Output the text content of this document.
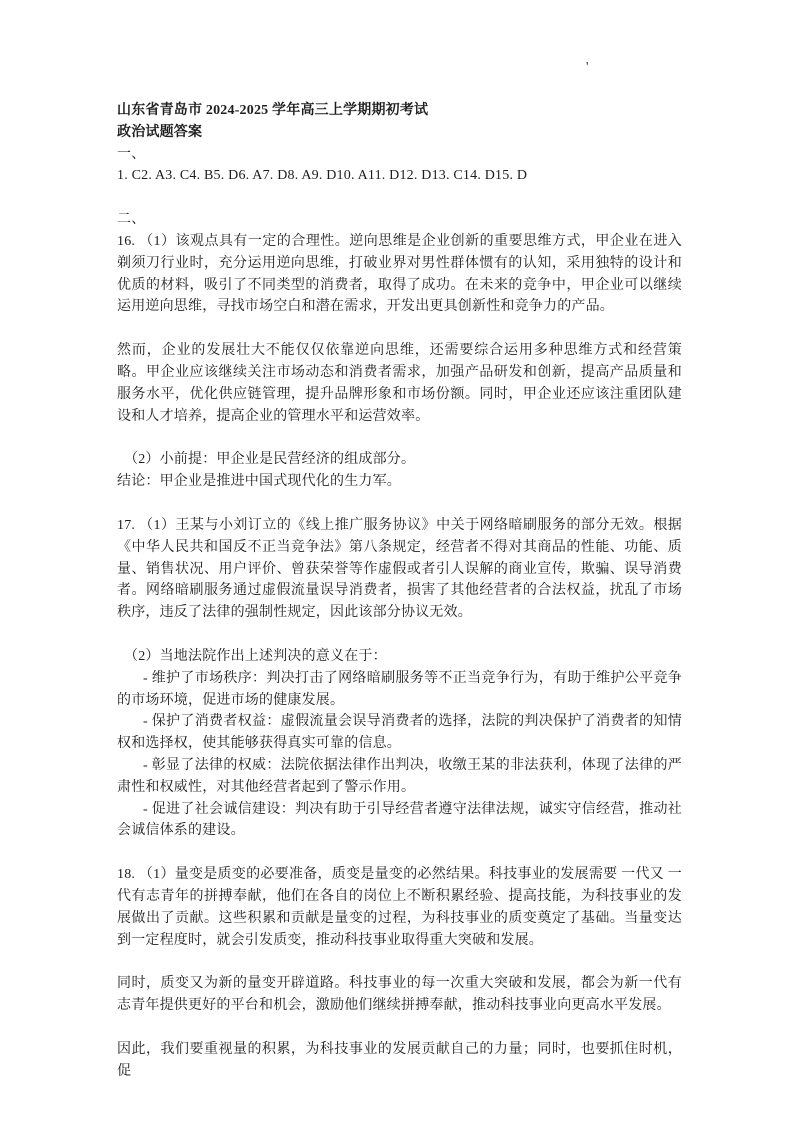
'

山东省青岛市 2024-2025 学年高三上学期期初考试

政治试题答案

一、

1. C2. A3. C4. B5. D6. A7. D8. A9. D10. A11. D12. D13. C14. D15. D

二、

16. （1）该观点具有一定的合理性。逆向思维是企业创新的重要思维方式，甲企业在进入剃须刀行业时，充分运用逆向思维，打破业界对男性群体惯有的认知，采用独特的设计和优质的材料，吸引了不同类型的消费者，取得了成功。在未来的竞争中，甲企业可以继续运用逆向思维，寻找市场空白和潜在需求，开发出更具创新性和竞争力的产品。

然而，企业的发展壮大不能仅仅依靠逆向思维，还需要综合运用多种思维方式和经营策略。甲企业应该继续关注市场动态和消费者需求，加强产品研发和创新，提高产品质量和服务水平，优化供应链管理，提升品牌形象和市场份额。同时，甲企业还应该注重团队建设和人才培养，提高企业的管理水平和运营效率。

（2）小前提：甲企业是民营经济的组成部分。

结论：甲企业是推进中国式现代化的生力军。

17. （1）王某与小刘订立的《线上推广服务协议》中关于网络暗刷服务的部分无效。根据《中华人民共和国反不正当竞争法》第八条规定，经营者不得对其商品的性能、功能、质量、销售状况、用户评价、曾获荣誉等作虚假或者引人误解的商业宣传，欺骗、误导消费者。网络暗刷服务通过虚假流量误导消费者，损害了其他经营者的合法权益，扰乱了市场秩序，违反了法律的强制性规定，因此该部分协议无效。

（2）当地法院作出上述判决的意义在于：

- 维护了市场秩序：判决打击了网络暗刷服务等不正当竞争行为，有助于维护公平竞争的市场环境，促进市场的健康发展。

- 保护了消费者权益：虚假流量会误导消费者的选择，法院的判决保护了消费者的知情权和选择权，使其能够获得真实可靠的信息。

- 彰显了法律的权威：法院依据法律作出判决，收缴王某的非法获利，体现了法律的严肃性和权威性，对其他经营者起到了警示作用。

- 促进了社会诚信建设：判决有助于引导经营者遵守法律法规，诚实守信经营，推动社会诚信体系的建设。

18. （1）量变是质变的必要准备，质变是量变的必然结果。科技事业的发展需要 一代又 一代有志青年的拼搏奉献，他们在各自的岗位上不断积累经验、提高技能，为科技事业的发展做出了贡献。这些积累和贡献是量变的过程，为科技事业的质变奠定了基础。当量变达到一定程度时，就会引发质变，推动科技事业取得重大突破和发展。

同时，质变又为新的量变开辟道路。科技事业的每一次重大突破和发展，都会为新一代有志青年提供更好的平台和机会，激励他们继续拼搏奉献，推动科技事业向更高水平发展。

因此，我们要重视量的积累，为科技事业的发展贡献自己的力量；同时，也要抓住时机，促
